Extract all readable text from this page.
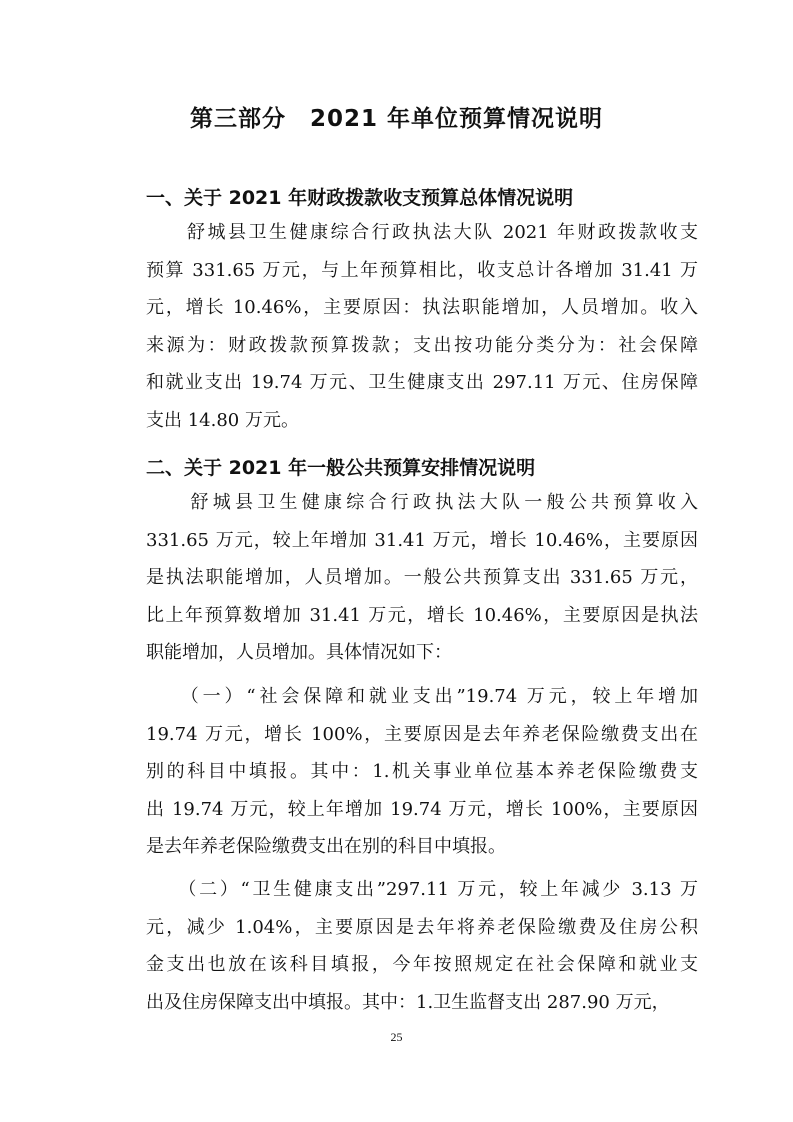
第三部分　2021 年单位预算情况说明
一、关于 2021 年财政拨款收支预算总体情况说明
　　舒城县卫生健康综合行政执法大队 2021 年财政拨款收支
预算 331.65 万元，与上年预算相比，收支总计各增加 31.41 万
元，增长 10.46%，主要原因：执法职能增加，人员增加。收入
来源为：财政拨款预算拨款；支出按功能分类分为：社会保障
和就业支出 19.74 万元、卫生健康支出 297.11 万元、住房保障
支出 14.80 万元。
二、关于 2021 年一般公共预算安排情况说明
　　舒城县卫生健康综合行政执法大队一般公共预算收入
331.65 万元，较上年增加 31.41 万元，增长 10.46%，主要原因
是执法职能增加，人员增加。一般公共预算支出 331.65 万元，
比上年预算数增加 31.41 万元，增长 10.46%，主要原因是执法
职能增加，人员增加。具体情况如下：
　　（一）“社会保障和就业支出”19.74 万元，较上年增加
19.74 万元，增长 100%，主要原因是去年养老保险缴费支出在
别的科目中填报。其中：1.机关事业单位基本养老保险缴费支
出 19.74 万元，较上年增加 19.74 万元，增长 100%，主要原因
是去年养老保险缴费支出在别的科目中填报。
　　（二）“卫生健康支出”297.11 万元，较上年减少 3.13 万
元，减少 1.04%，主要原因是去年将养老保险缴费及住房公积
金支出也放在该科目填报，今年按照规定在社会保障和就业支
出及住房保障支出中填报。其中：1.卫生监督支出 287.90 万元，
25
